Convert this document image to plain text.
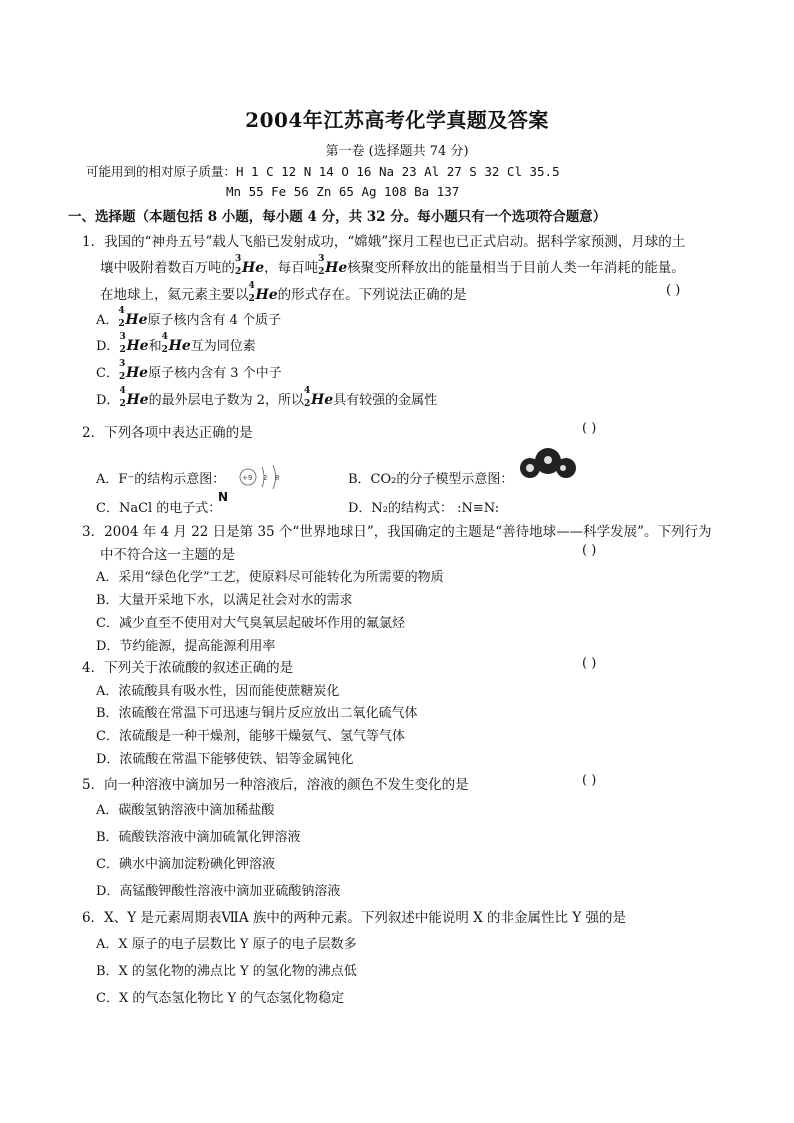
2004年江苏高考化学真题及答案
第一卷 (选择题共 74 分)
可能用到的相对原子质量：H 1 C 12 N 14 O 16 Na 23 Al 27 S 32 Cl 35.5
Mn 55 Fe 56 Zn 65 Ag 108 Ba 137
一、选择题（本题包括 8 小题，每小题 4 分，共 32 分。每小题只有一个选项符合题意）
1．我国的“神舟五号”载人飞船已发射成功，“嫦娥”探月工程也已正式启动。据科学家预测，月球的土
壤中吸附着数百万吨的
3
2 He，每百吨
3
2 He核聚变所释放出的能量相当于目前人类一年消耗的能量。
在地球上，氦元素主要以
4
2 He的形式存在。下列说法正确的是	( )
A．
4
2 He原子核内含有 4 个质子
D．
3
2 He和
4
2 He互为同位素
C．
3
2 He原子核内含有 3 个中子
D．
4
2 He的最外层电子数为 2，所以
4
2 He具有较强的金属性
2．下列各项中表达正确的是	( )
A．F⁻的结构示意图： +9 2 8	B．CO₂的分子模型示意图：
C．NaCl 的电子式：
N
D．N₂的结构式： :N≡N:
3．2004 年 4 月 22 日是第 35 个“世界地球日”，我国确定的主题是“善待地球——科学发展”。下列行为
中不符合这一主题的是	( )
A．采用“绿色化学”工艺，使原料尽可能转化为所需要的物质
B．大量开采地下水，以满足社会对水的需求
C．减少直至不使用对大气臭氧层起破坏作用的氟氯烃
D．节约能源，提高能源利用率
4．下列关于浓硫酸的叙述正确的是	( )
A．浓硫酸具有吸水性，因而能使蔗糖炭化
B．浓硫酸在常温下可迅速与铜片反应放出二氧化硫气体
C．浓硫酸是一种干燥剂，能够干燥氨气、氢气等气体
D．浓硫酸在常温下能够使铁、铝等金属钝化
5．向一种溶液中滴加另一种溶液后，溶液的颜色不发生变化的是	( )
A．碳酸氢钠溶液中滴加稀盐酸
B．硫酸铁溶液中滴加硫氰化钾溶液
C．碘水中滴加淀粉碘化钾溶液
D．高锰酸钾酸性溶液中滴加亚硫酸钠溶液
6．X、Y 是元素周期表ⅦA 族中的两种元素。下列叙述中能说明 X 的非金属性比 Y 强的是
A．X 原子的电子层数比 Y 原子的电子层数多
B．X 的氢化物的沸点比 Y 的氢化物的沸点低
C．X 的气态氢化物比 Y 的气态氢化物稳定
